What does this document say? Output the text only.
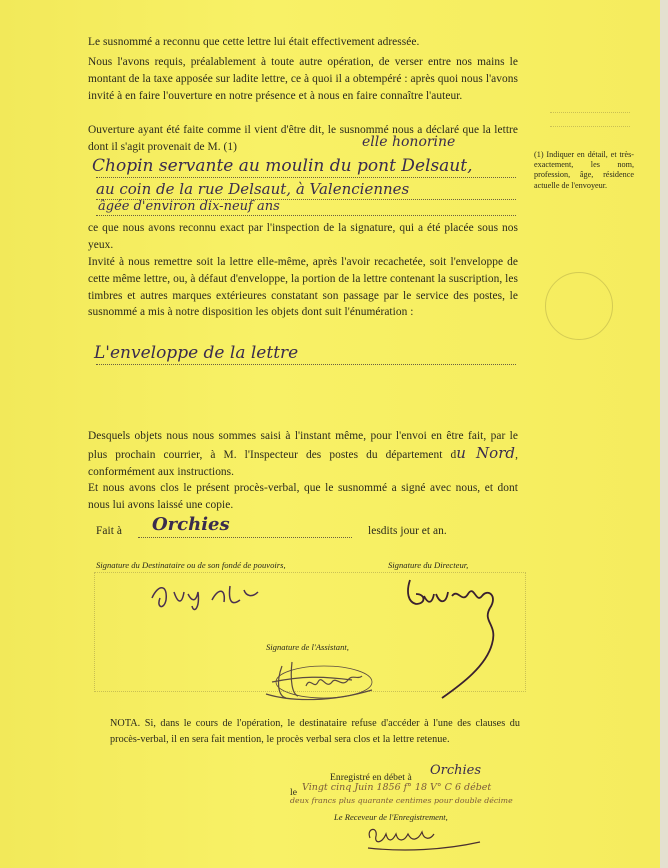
Le susnommé a reconnu que cette lettre lui était effectivement adressée.
Nous l'avons requis, préalablement à toute autre opération, de verser entre nos mains le montant de la taxe apposée sur ladite lettre, ce à quoi il a obtempéré : après quoi nous l'avons invité à en faire l'ouverture en notre présence et à nous en faire connaître l'auteur.
Ouverture ayant été faite comme il vient d'être dit, le susnommé nous a déclaré que la lettre dont il s'agit provenait de M. (1)	elle honorine
Chopin servante au moulin du pont Delsaut,
au coin de la rue Delsaut, à Valenciennes
âgée d'environ dix-neuf ans
ce que nous avons reconnu exact par l'inspection de la signature, qui a été placée sous nos yeux.
Invité à nous remettre soit la lettre elle-même, après l'avoir recachetée, soit l'enveloppe de cette même lettre, ou, à défaut d'enveloppe, la portion de la lettre contenant la suscription, les timbres et autres marques extérieures constatant son passage par le service des postes, le susnommé a mis à notre disposition les objets dont suit l'énumération :
L'enveloppe de la lettre
Desquels objets nous nous sommes saisi à l'instant même, pour l'envoi en être fait, par le plus prochain courrier, à M. l'Inspecteur des postes du département du Nord, conformément aux instructions.
Et nous avons clos le présent procès-verbal, que le susnommé a signé avec nous, et dont nous lui avons laissé une copie.
Fait à	Orchies	lesdits jour et an.
Signature du Destinataire ou de son fondé de pouvoirs,	Signature du Directeur,
Signature de l'Assistant,
NOTA. Si, dans le cours de l'opération, le destinataire refuse d'accéder à l'une des clauses du procès-verbal, il en sera fait mention, le procès verbal sera clos et la lettre retenue.
Enregistré en débet à	Orchies
le Vingt cinq Juin 1856 f° 18 V° C 6 débet
deux francs plus quarante centimes pour double décime
Le Receveur de l'Enregistrement,
(1) Indiquer en détail, et très-exactement, les nom, profession, âge, résidence actuelle de l'envoyeur.
